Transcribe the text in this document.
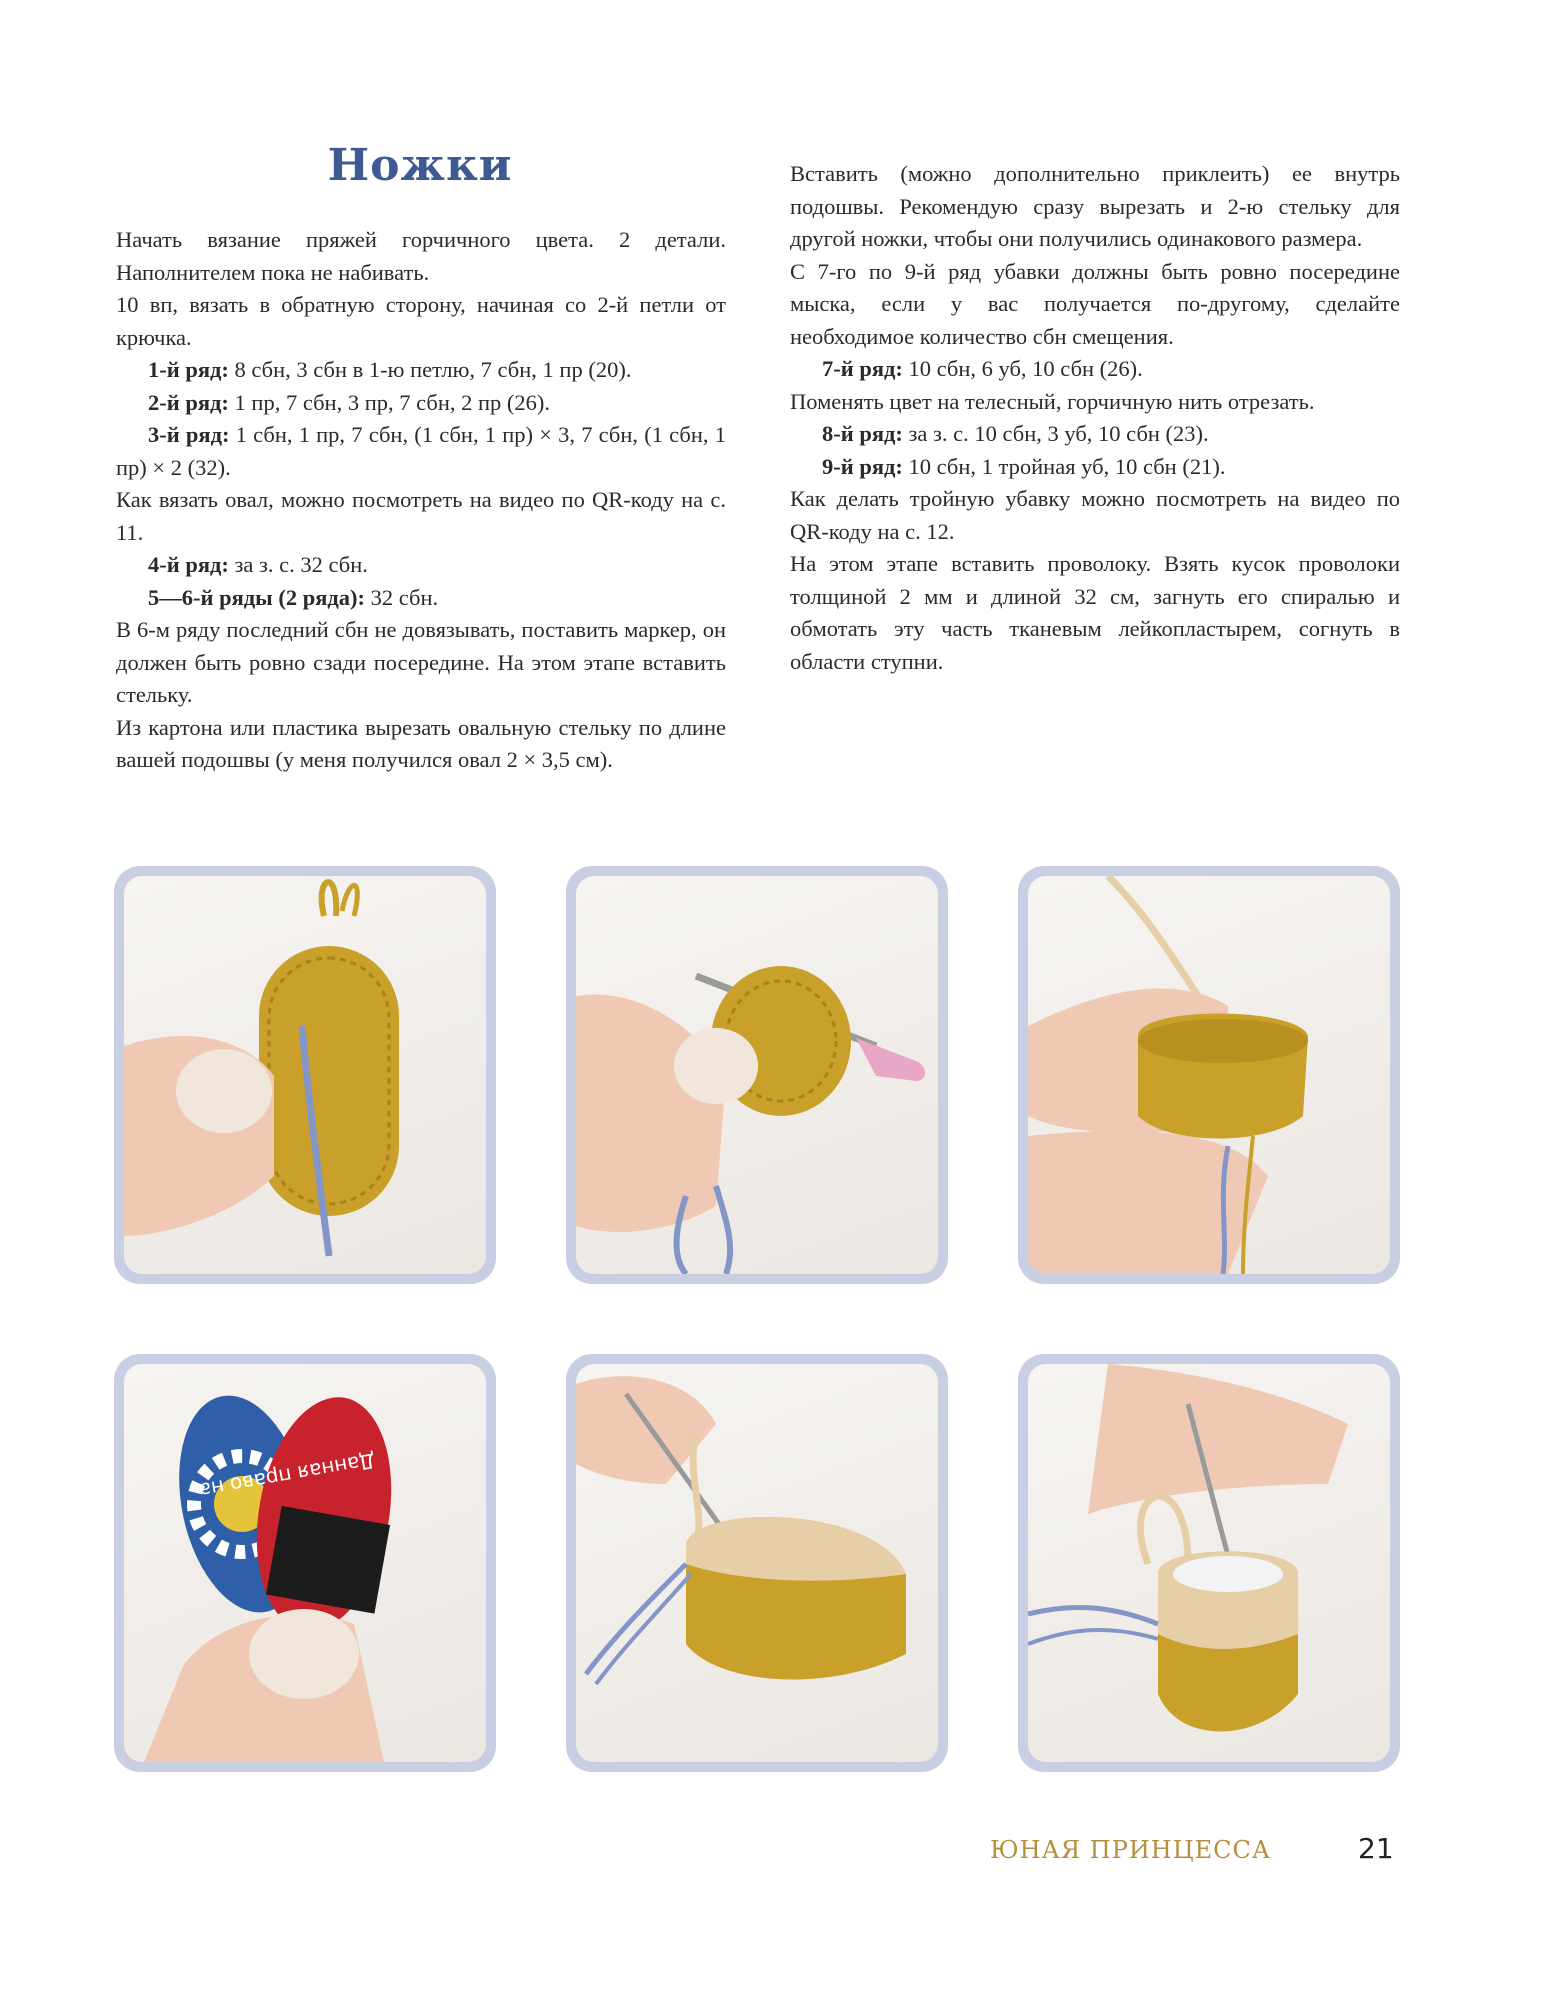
Ножки

Начать вязание пряжей горчичного цвета. 2 детали. Наполнителем пока не набивать.

10 вп, вязать в обратную сторону, начиная со 2-й петли от крючка.

1-й ряд: 8 сбн, 3 сбн в 1-ю петлю, 7 сбн, 1 пр (20).

2-й ряд: 1 пр, 7 сбн, 3 пр, 7 сбн, 2 пр (26).

3-й ряд: 1 сбн, 1 пр, 7 сбн, (1 сбн, 1 пр) × 3, 7 сбн, (1 сбн, 1 пр) × 2 (32).

Как вязать овал, можно посмотреть на видео по QR-коду на с. 11.

4-й ряд: за з. с. 32 сбн.

5—6-й ряды (2 ряда): 32 сбн.

В 6-м ряду последний сбн не довязывать, поставить маркер, он должен быть ровно сзади посередине. На этом этапе вставить стельку.

Из картона или пластика вырезать овальную стельку по длине вашей подошвы (у меня получился овал 2 × 3,5 см).

Вставить (можно дополнительно приклеить) ее внутрь подошвы. Рекомендую сразу вырезать и 2-ю стельку для другой ножки, чтобы они получились одинакового размера.

С 7-го по 9-й ряд убавки должны быть ровно посередине мыска, если у вас получается по-другому, сделайте необходимое количество сбн смещения.

7-й ряд: 10 сбн, 6 уб, 10 сбн (26).

Поменять цвет на телесный, горчичную нить отрезать.

8-й ряд: за з. с. 10 сбн, 3 уб, 10 сбн (23).

9-й ряд: 10 сбн, 1 тройная уб, 10 сбн (21).

Как делать тройную убавку можно посмотреть на видео по QR-коду на с. 12.

На этом этапе вставить проволоку. Взять кусок проволоки толщиной 2 мм и длиной 32 см, загнуть его спиралью и обмотать эту часть тканевым лейкопластырем, согнуть в области ступни.

Данная право на
ЮНАЯ ПРИНЦЕССА	21
